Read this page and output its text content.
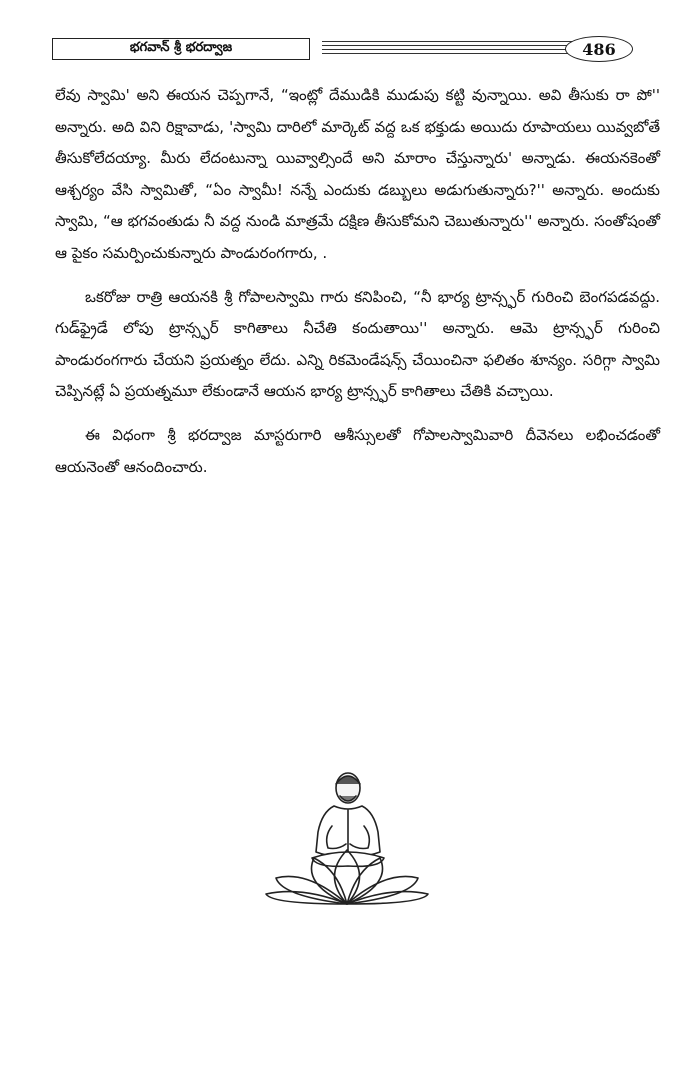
భగవాన్ శ్రీ భరద్వాజ	486

లేవు స్వామి' అని ఈయన చెప్పగానే, “ఇంట్లో దేముడికి ముడుపు కట్టి వున్నాయి. అవి తీసుకు రా పో'' అన్నారు. అది విని రిక్షావాడు, 'స్వామి దారిలో మార్కెట్ వద్ద ఒక భక్తుడు అయిదు రూపాయలు యివ్వబోతే తీసుకోలేదయ్యా. మీరు లేదంటున్నా యివ్వాల్సిందే అని మారాం చేస్తున్నారు' అన్నాడు. ఈయనకెంతో ఆశ్చర్యం వేసి స్వామితో, “ఏం స్వామీ! నన్నే ఎందుకు డబ్బులు అడుగుతున్నారు?'' అన్నారు. అందుకు స్వామి, “ఆ భగవంతుడు నీ వద్ద నుండి మాత్రమే దక్షిణ తీసుకోమని చెబుతున్నారు'' అన్నారు. సంతోషంతో ఆ పైకం సమర్పించుకున్నారు పాండురంగగారు, .

ఒకరోజు రాత్రి ఆయనకి శ్రీ గోపాలస్వామి గారు కనిపించి, “నీ భార్య ట్రాన్స్ఫర్ గురించి బెంగపడవద్దు. గుడ్‌ఫ్రైడే లోపు ట్రాన్స్ఫర్ కాగితాలు నీచేతి కందుతాయి'' అన్నారు. ఆమె ట్రాన్స్ఫర్ గురించి పాండురంగగారు చేయని ప్రయత్నం లేదు. ఎన్ని రికమెండేషన్స్ చేయించినా ఫలితం శూన్యం. సరిగ్గా స్వామి చెప్పినట్లే ఏ ప్రయత్నమూ లేకుండానే ఆయన భార్య ట్రాన్స్ఫర్ కాగితాలు చేతికి వచ్చాయి.

ఈ విధంగా శ్రీ భరద్వాజ మాస్టరుగారి ఆశీస్సులతో గోపాలస్వామివారి దీవెనలు లభించడంతో ఆయనెంతో ఆనందించారు.
